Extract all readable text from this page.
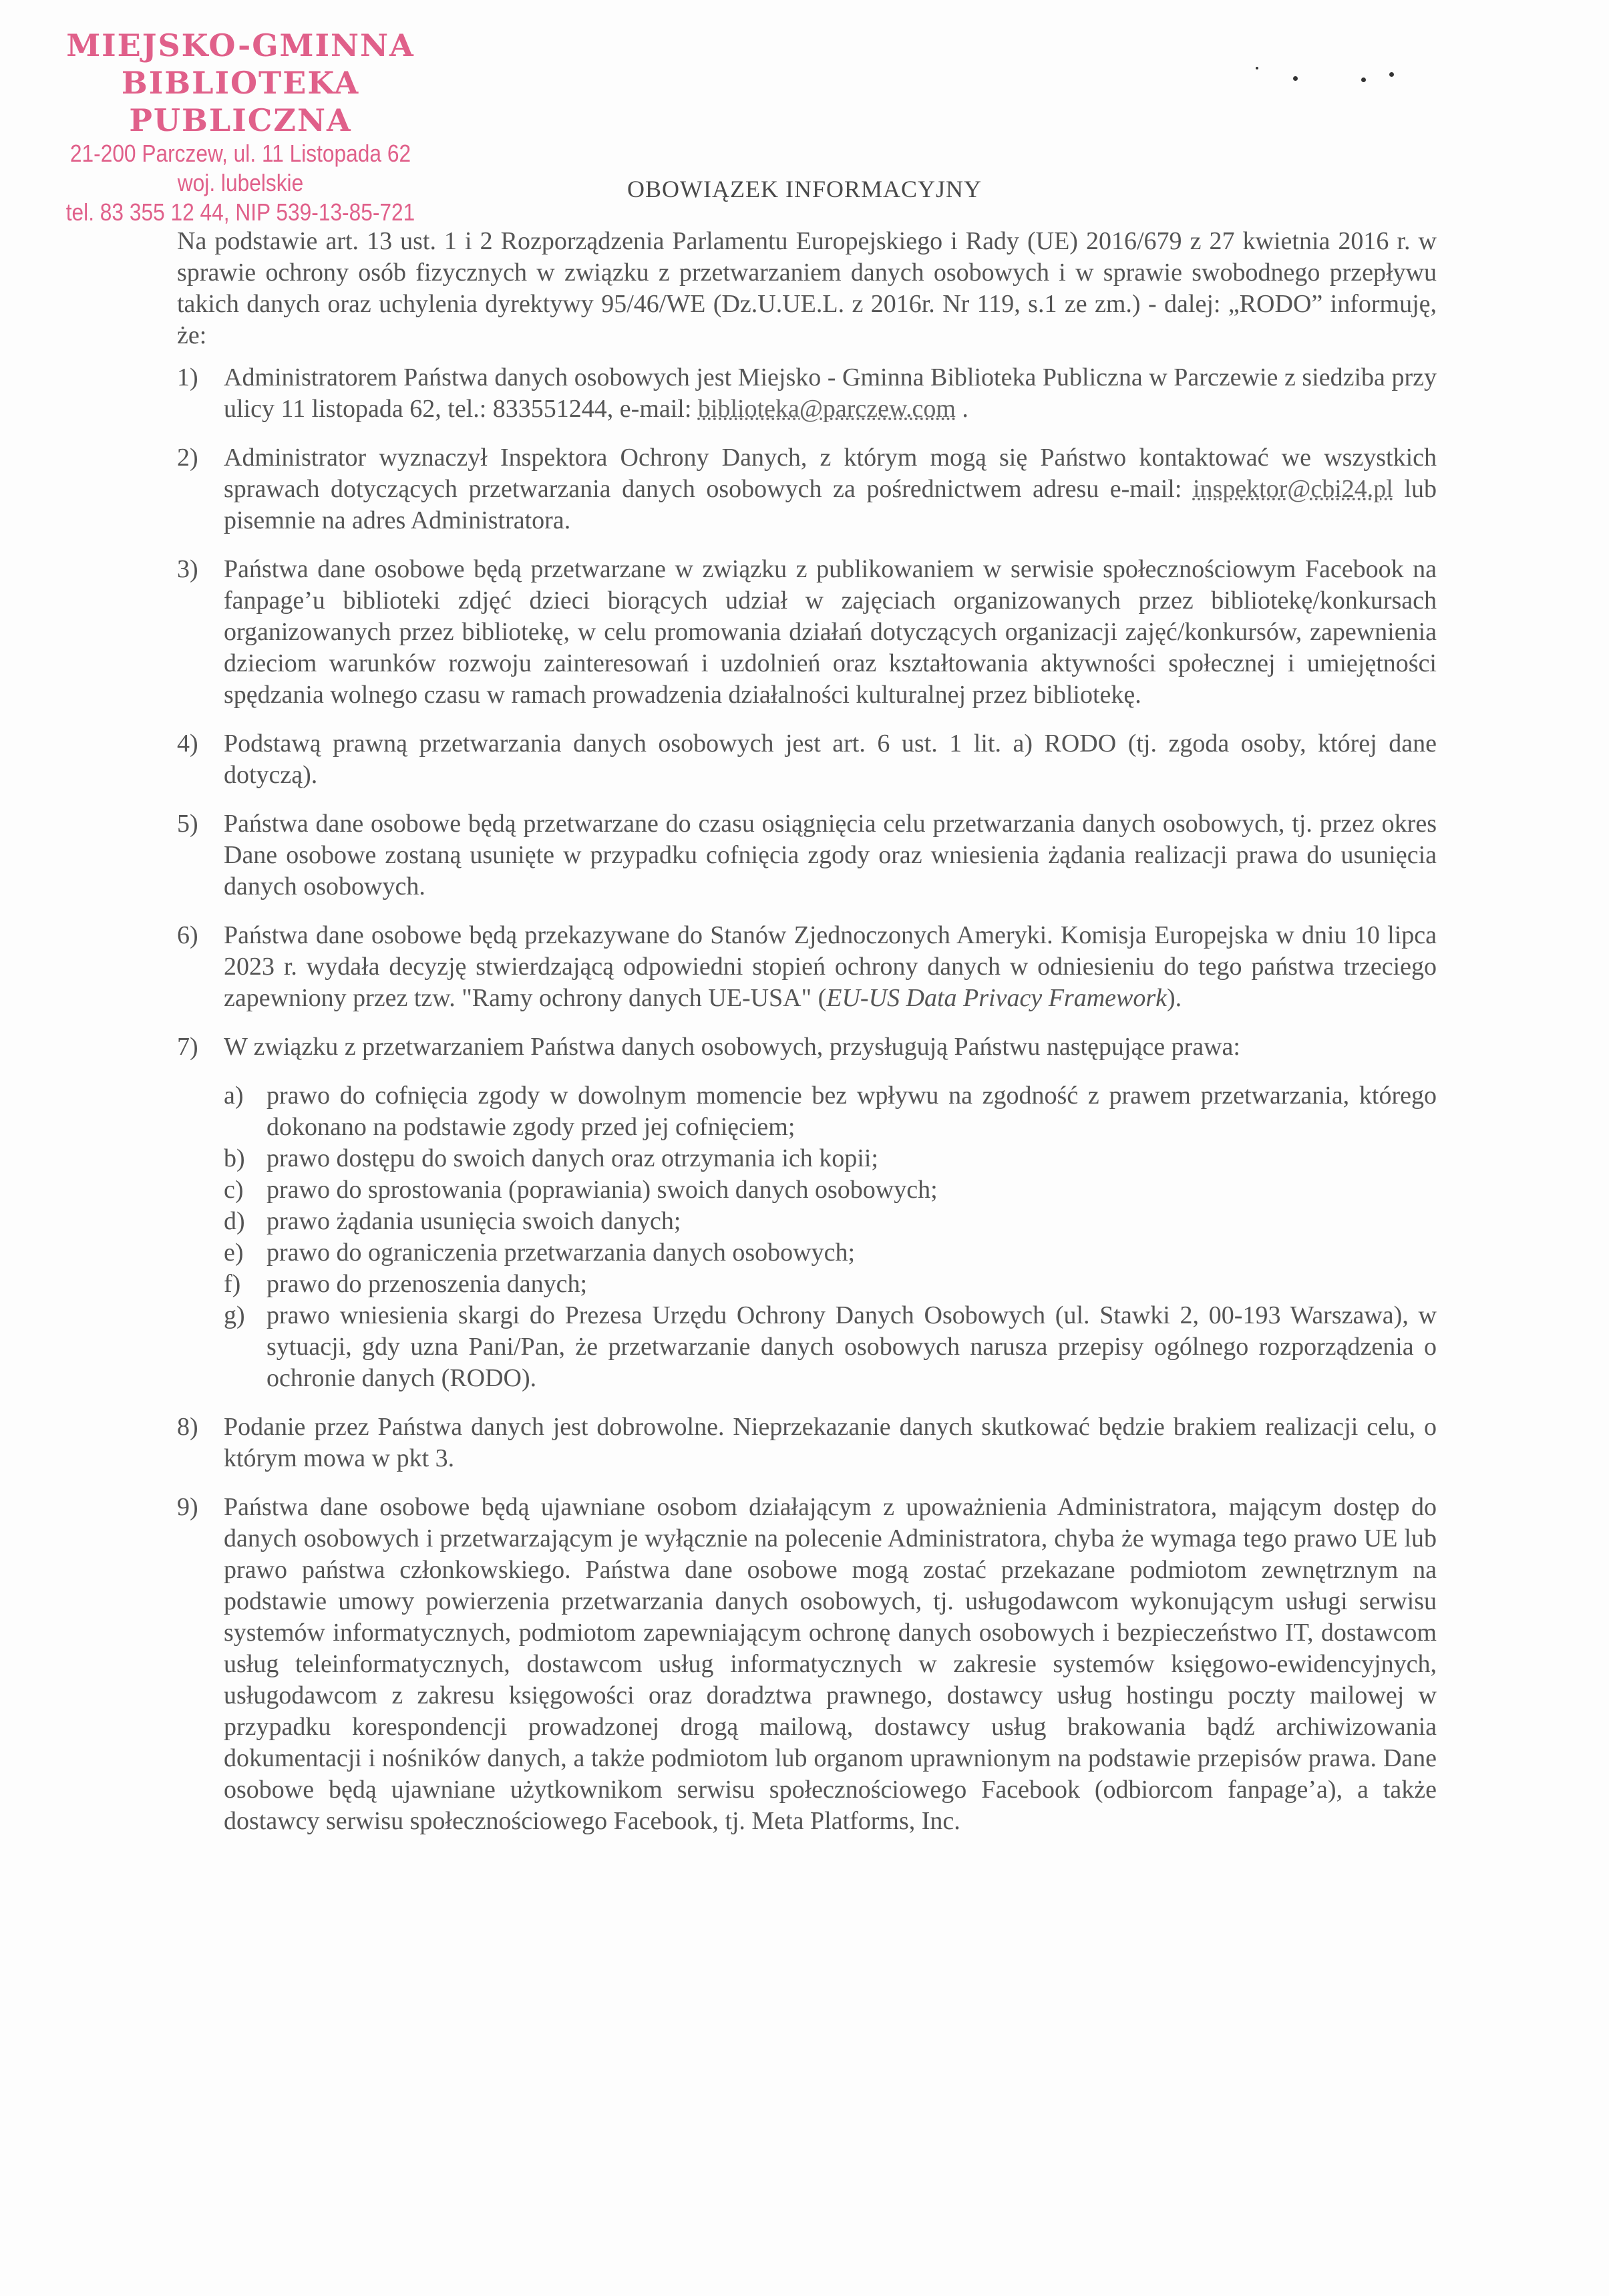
MIEJSKO-GMINNA
BIBLIOTEKA PUBLICZNA
21-200 Parczew, ul. 11 Listopada 62
woj. lubelskie
tel. 83 355 12 44, NIP 539-13-85-721
OBOWIĄZEK INFORMACYJNY

Na podstawie art. 13 ust. 1 i 2 Rozporządzenia Parlamentu Europejskiego i Rady (UE) 2016/679 z 27 kwietnia 2016 r. w sprawie ochrony osób fizycznych w związku z przetwarzaniem danych osobowych i w sprawie swobodnego przepływu takich danych oraz uchylenia dyrektywy 95/46/WE (Dz.U.UE.L. z 2016r. Nr 119, s.1 ze zm.) - dalej: „RODO” informuję, że:

1)	Administratorem Państwa danych osobowych jest Miejsko - Gminna Biblioteka Publiczna w Parczewie z siedziba przy ulicy 11 listopada 62, tel.: 833551244, e-mail: biblioteka@parczew.com .
2)	Administrator wyznaczył Inspektora Ochrony Danych, z którym mogą się Państwo kontaktować we wszystkich sprawach dotyczących przetwarzania danych osobowych za pośrednictwem adresu e-mail: inspektor@cbi24.pl lub pisemnie na adres Administratora.
3)	Państwa dane osobowe będą przetwarzane w związku z publikowaniem w serwisie społecznościowym Facebook na fanpage’u biblioteki zdjęć dzieci biorących udział w zajęciach organizowanych przez bibliotekę/konkursach organizowanych przez bibliotekę, w celu promowania działań dotyczących organizacji zajęć/konkursów, zapewnienia dzieciom warunków rozwoju zainteresowań i uzdolnień oraz kształtowania aktywności społecznej i umiejętności spędzania wolnego czasu w ramach prowadzenia działalności kulturalnej przez bibliotekę.
4)	Podstawą prawną przetwarzania danych osobowych jest art. 6 ust. 1 lit. a) RODO (tj. zgoda osoby, której dane dotyczą).
5)	Państwa dane osobowe będą przetwarzane do czasu osiągnięcia celu przetwarzania danych osobowych, tj. przez okres Dane osobowe zostaną usunięte w przypadku cofnięcia zgody oraz wniesienia żądania realizacji prawa do usunięcia danych osobowych.
6)	Państwa dane osobowe będą przekazywane do Stanów Zjednoczonych Ameryki. Komisja Europejska w dniu 10 lipca 2023 r. wydała decyzję stwierdzającą odpowiedni stopień ochrony danych w odniesieniu do tego państwa trzeciego zapewniony przez tzw. "Ramy ochrony danych UE-USA" (EU-US Data Privacy Framework).
7)	W związku z przetwarzaniem Państwa danych osobowych, przysługują Państwu następujące prawa:
a) prawo do cofnięcia zgody w dowolnym momencie bez wpływu na zgodność z prawem przetwarzania, którego dokonano na podstawie zgody przed jej cofnięciem;
b) prawo dostępu do swoich danych oraz otrzymania ich kopii;
c) prawo do sprostowania (poprawiania) swoich danych osobowych;
d) prawo żądania usunięcia swoich danych;
e) prawo do ograniczenia przetwarzania danych osobowych;
f)	prawo do przenoszenia danych;
g) prawo wniesienia skargi do Prezesa Urzędu Ochrony Danych Osobowych (ul. Stawki 2, 00-193 Warszawa), w sytuacji, gdy uzna Pani/Pan, że przetwarzanie danych osobowych narusza przepisy ogólnego rozporządzenia o ochronie danych (RODO).
8)	Podanie przez Państwa danych jest dobrowolne. Nieprzekazanie danych skutkować będzie brakiem realizacji celu, o którym mowa w pkt 3.
9)	Państwa dane osobowe będą ujawniane osobom działającym z upoważnienia Administratora, mającym dostęp do danych osobowych i przetwarzającym je wyłącznie na polecenie Administratora, chyba że wymaga tego prawo UE lub prawo państwa członkowskiego. Państwa dane osobowe mogą zostać przekazane podmiotom zewnętrznym na podstawie umowy powierzenia przetwarzania danych osobowych, tj. usługodawcom wykonującym usługi serwisu systemów informatycznych, podmiotom zapewniającym ochronę danych osobowych i bezpieczeństwo IT, dostawcom usług teleinformatycznych, dostawcom usług informatycznych w zakresie systemów księgowo-ewidencyjnych, usługodawcom z zakresu księgowości oraz doradztwa prawnego, dostawcy usług hostingu poczty mailowej w przypadku korespondencji prowadzonej drogą mailową, dostawcy usług brakowania bądź archiwizowania dokumentacji i nośników danych, a także podmiotom lub organom uprawnionym na podstawie przepisów prawa. Dane osobowe będą ujawniane użytkownikom serwisu społecznościowego Facebook (odbiorcom fanpage’a), a także dostawcy serwisu społecznościowego Facebook, tj. Meta Platforms, Inc.
